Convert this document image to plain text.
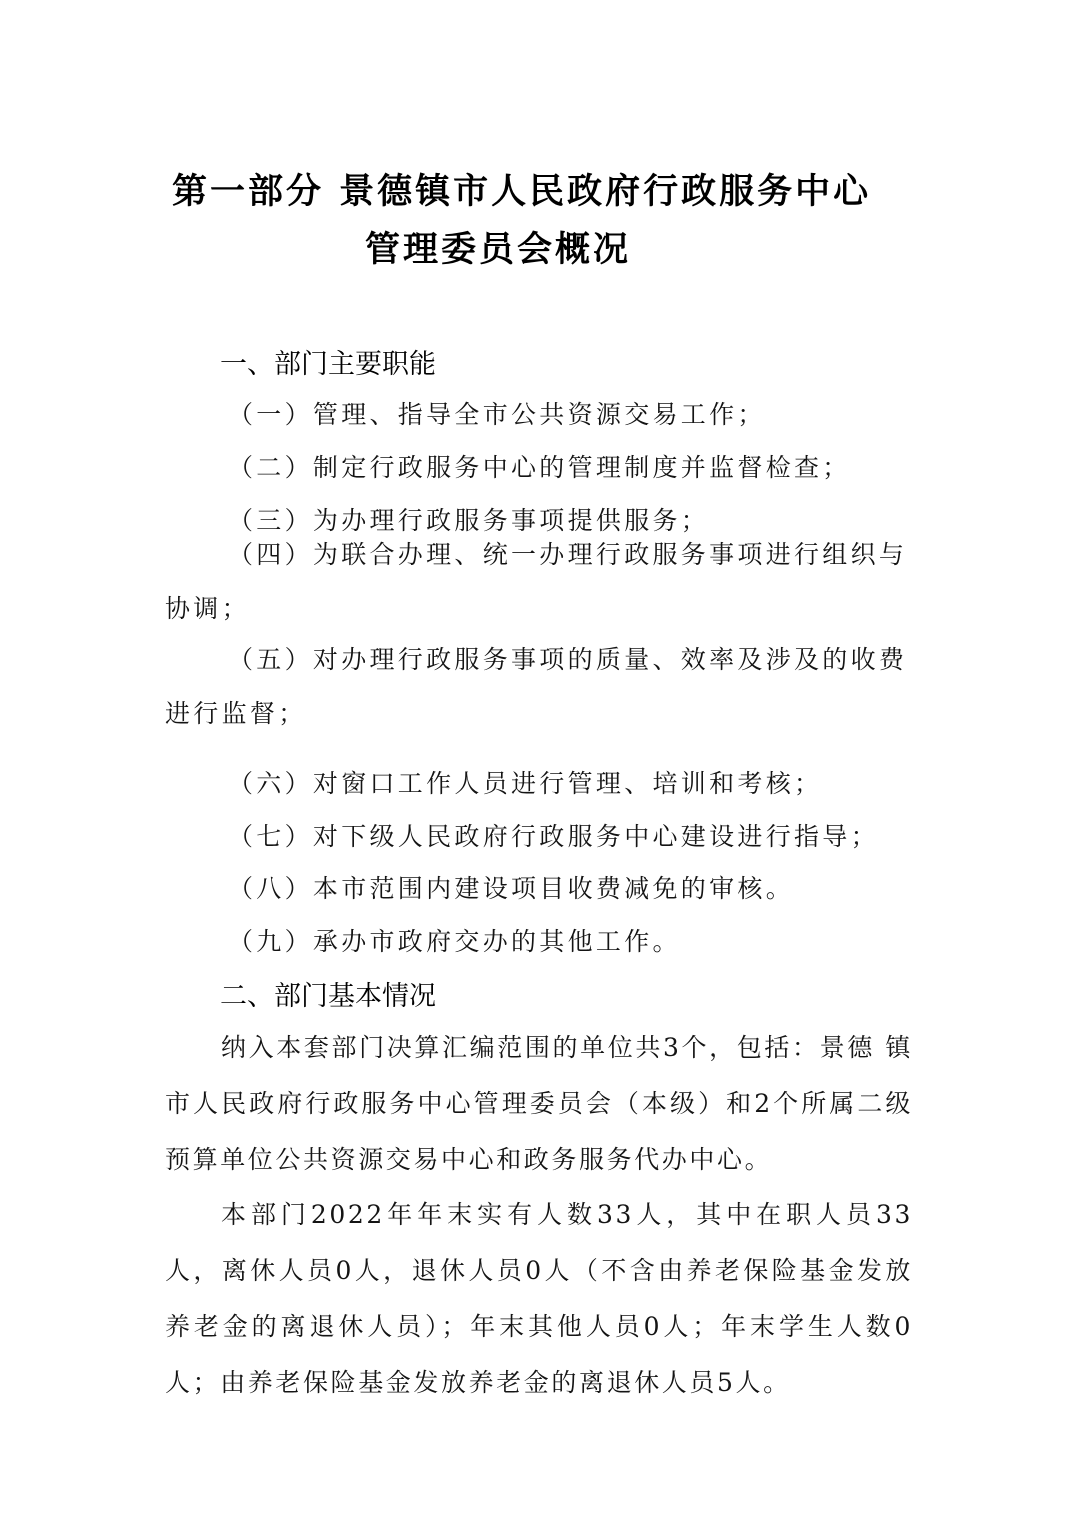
第一部分 景德镇市人民政府行政服务中心
管理委员会概况
一、部门主要职能
（一）管理、指导全市公共资源交易工作；
（二）制定行政服务中心的管理制度并监督检查；
（三）为办理行政服务事项提供服务；
（四）为联合办理、统一办理行政服务事项进行组织与
协调；
（五）对办理行政服务事项的质量、效率及涉及的收费
进行监督；
（六）对窗口工作人员进行管理、培训和考核；
（七）对下级人民政府行政服务中心建设进行指导；
（八）本市范围内建设项目收费减免的审核。
（九）承办市政府交办的其他工作。
二、部门基本情况

纳入本套部门决算汇编范围的单位共3个，包括：景德 镇市人民政府行政服务中心管理委员会（本级）和2个所属二级预算单位公共资源交易中心和政务服务代办中心。

本部门2022年年末实有人数33人，其中在职人员33 人，离休人员0人，退休人员0人（不含由养老保险基金发放养老金的离退休人员）；年末其他人员0人；年末学生人数0人；由养老保险基金发放养老金的离退休人员5人。
